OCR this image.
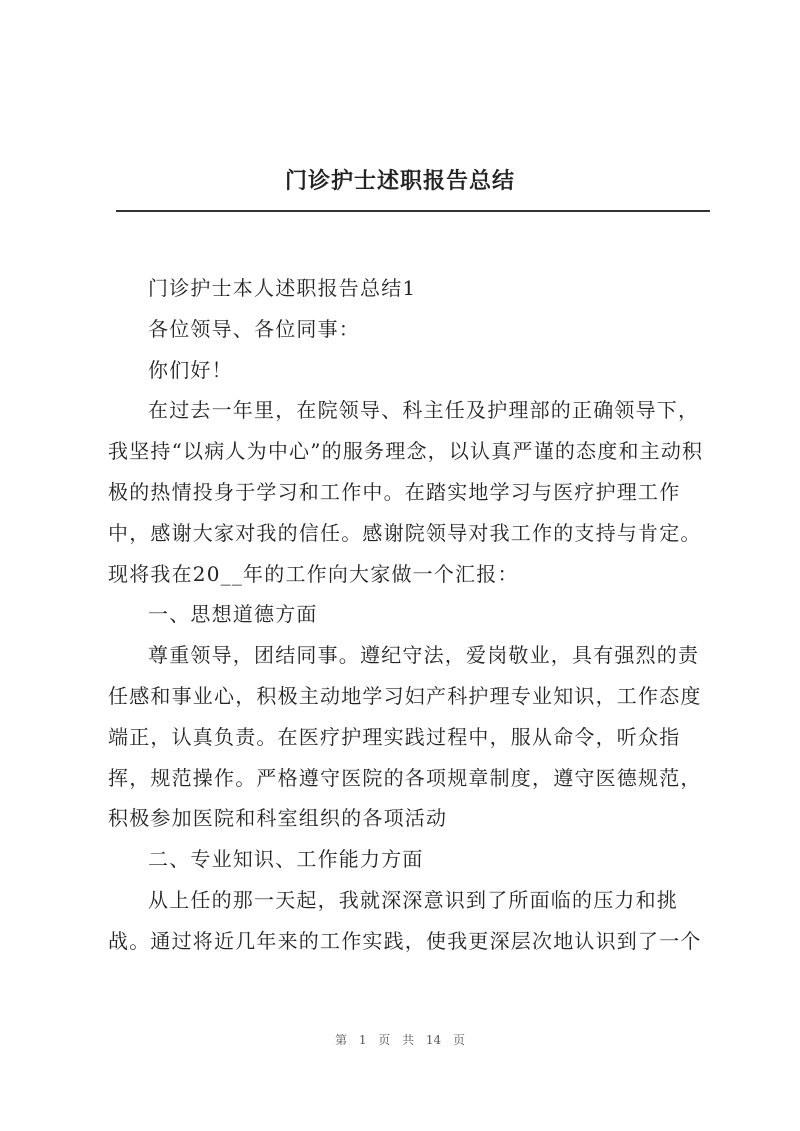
门诊护士述职报告总结

门诊护士本人述职报告总结1

各位领导、各位同事：

你们好！

在过去一年里，在院领导、科主任及护理部的正确领导下，我坚持“以病人为中心”的服务理念，以认真严谨的态度和主动积极的热情投身于学习和工作中。在踏实地学习与医疗护理工作中，感谢大家对我的信任。感谢院领导对我工作的支持与肯定。现将我在20__年的工作向大家做一个汇报：

一、思想道德方面

尊重领导，团结同事。遵纪守法，爱岗敬业，具有强烈的责任感和事业心，积极主动地学习妇产科护理专业知识，工作态度端正，认真负责。在医疗护理实践过程中，服从命令，听众指挥，规范操作。严格遵守医院的各项规章制度，遵守医德规范，积极参加医院和科室组织的各项活动

二、专业知识、工作能力方面

从上任的那一天起，我就深深意识到了所面临的压力和挑战。通过将近几年来的工作实践，使我更深层次地认识到了一个

第 1 页 共 14 页
